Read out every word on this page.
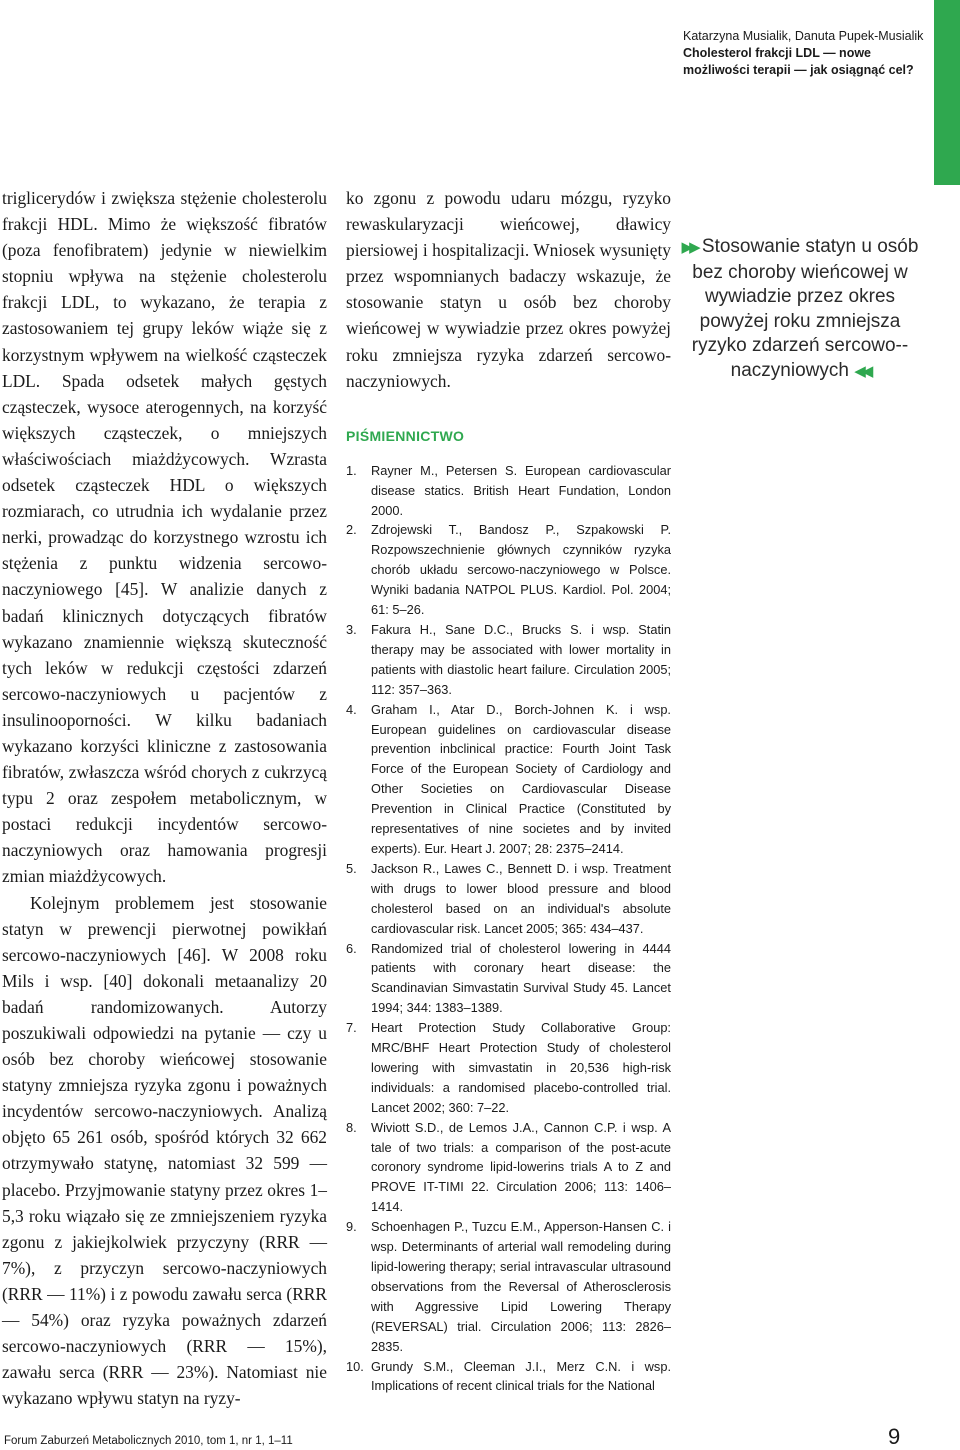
Katarzyna Musialik, Danuta Pupek-Musialik
Cholesterol frakcji LDL — nowe
możliwości terapii — jak osiągnąć cel?

triglicerydów i zwiększa stężenie cholesterolu frakcji HDL. Mimo że większość fibratów (poza fenofibratem) jedynie w niewielkim stopniu wpływa na stężenie cholesterolu frakcji LDL, to wykazano, że terapia z zastosowaniem tej grupy leków wiąże się z korzystnym wpływem na wielkość cząsteczek LDL. Spada odsetek małych gęstych cząsteczek, wysoce aterogennych, na korzyść większych cząsteczek, o mniejszych właściwościach miażdżycowych. Wzrasta odsetek cząsteczek HDL o większych rozmiarach, co utrudnia ich wydalanie przez nerki, prowadząc do korzystnego wzrostu ich stężenia z punktu widzenia sercowo-naczyniowego [45]. W analizie danych z badań klinicznych dotyczących fibratów wykazano znamiennie większą skuteczność tych leków w redukcji częstości zdarzeń sercowo-naczyniowych u pacjentów z insulinooporności. W kilku badaniach wykazano korzyści kliniczne z zastosowania fibratów, zwłaszcza wśród chorych z cukrzycą typu 2 oraz zespołem metabolicznym, w postaci redukcji incydentów sercowo-naczyniowych oraz hamowania progresji zmian miażdżycowych.

Kolejnym problemem jest stosowanie statyn w prewencji pierwotnej powikłań sercowo-naczyniowych [46]. W 2008 roku Mils i wsp. [40] dokonali metaanalizy 20 badań randomizowanych. Autorzy poszukiwali odpowiedzi na pytanie — czy u osób bez choroby wieńcowej stosowanie statyny zmniejsza ryzyka zgonu i poważnych incydentów sercowo-naczyniowych. Analizą objęto 65 261 osób, spośród których 32 662 otrzymywało statynę, natomiast 32 599 — placebo. Przyjmowanie statyny przez okres 1–5,3 roku wiązało się ze zmniejszeniem ryzyka zgonu z jakiejkolwiek przyczyny (RRR — 7%), z przyczyn sercowo-naczyniowych (RRR — 11%) i z powodu zawału serca (RRR — 54%) oraz ryzyka poważnych zdarzeń sercowo-naczyniowych (RRR — 15%), zawału serca (RRR — 23%). Natomiast nie wykazano wpływu statyn na ryzy-

ko zgonu z powodu udaru mózgu, ryzyko rewaskularyzacji wieńcowej, dławicy piersiowej i hospitalizacji. Wniosek wysunięty przez wspomnianych badaczy wskazuje, że stosowanie statyn u osób bez choroby wieńcowej w wywiadzie przez okres powyżej roku zmniejsza ryzyka zdarzeń sercowo-naczyniowych.

PIŚMIENNICTWO
1. Rayner M., Petersen S. European cardiovascular disease statics. British Heart Fundation, London 2000.
2. Zdrojewski T., Bandosz P., Szpakowski P. Rozpowszechnienie głównych czynników ryzyka chorób układu sercowo-naczyniowego w Polsce. Wyniki badania NATPOL PLUS. Kardiol. Pol. 2004; 61: 5–26.
3. Fakura H., Sane D.C., Brucks S. i wsp. Statin therapy may be associated with lower mortality in patients with diastolic heart failure. Circulation 2005; 112: 357–363.
4. Graham I., Atar D., Borch-Johnen K. i wsp. European guidelines on cardiovascular disease prevention inbclinical practice: Fourth Joint Task Force of the European Society of Cardiology and Other Societies on Cardiovascular Disease Prevention in Clinical Practice (Constituted by representatives of nine societes and by invited experts). Eur. Heart J. 2007; 28: 2375–2414.
5. Jackson R., Lawes C., Bennett D. i wsp. Treatment with drugs to lower blood pressure and blood cholesterol based on an individual's absolute cardiovascular risk. Lancet 2005; 365: 434–437.
6. Randomized trial of cholesterol lowering in 4444 patients with coronary heart disease: the Scandinavian Simvastatin Survival Study 45. Lancet 1994; 344: 1383–1389.
7. Heart Protection Study Collaborative Group: MRC/BHF Heart Protection Study of cholesterol lowering with simvastatin in 20,536 high-risk individuals: a randomised placebo-controlled trial. Lancet 2002; 360: 7–22.
8. Wiviott S.D., de Lemos J.A., Cannon C.P. i wsp. A tale of two trials: a comparison of the post-acute coronory syndrome lipid-lowerins trials A to Z and PROVE IT-TIMI 22. Circulation 2006; 113: 1406–1414.
9. Schoenhagen P., Tuzcu E.M., Apperson-Hansen C. i wsp. Determinants of arterial wall remodeling during lipid-lowering therapy; serial intravascular ultrasound observations from the Reversal of Atherosclerosis with Aggressive Lipid Lowering Therapy (REVERSAL) trial. Circulation 2006; 113: 2826–2835.
10. Grundy S.M., Cleeman J.I., Merz C.N. i wsp. Implications of recent clinical trials for the National
▶▶ Stosowanie statyn u osób bez choroby wieńcowej w wywiadzie przez okres powyżej roku zmniejsza ryzyko zdarzeń sercowo--naczyniowych ◀◀
Forum Zaburzeń Metabolicznych 2010, tom 1, nr 1, 1–11	9
